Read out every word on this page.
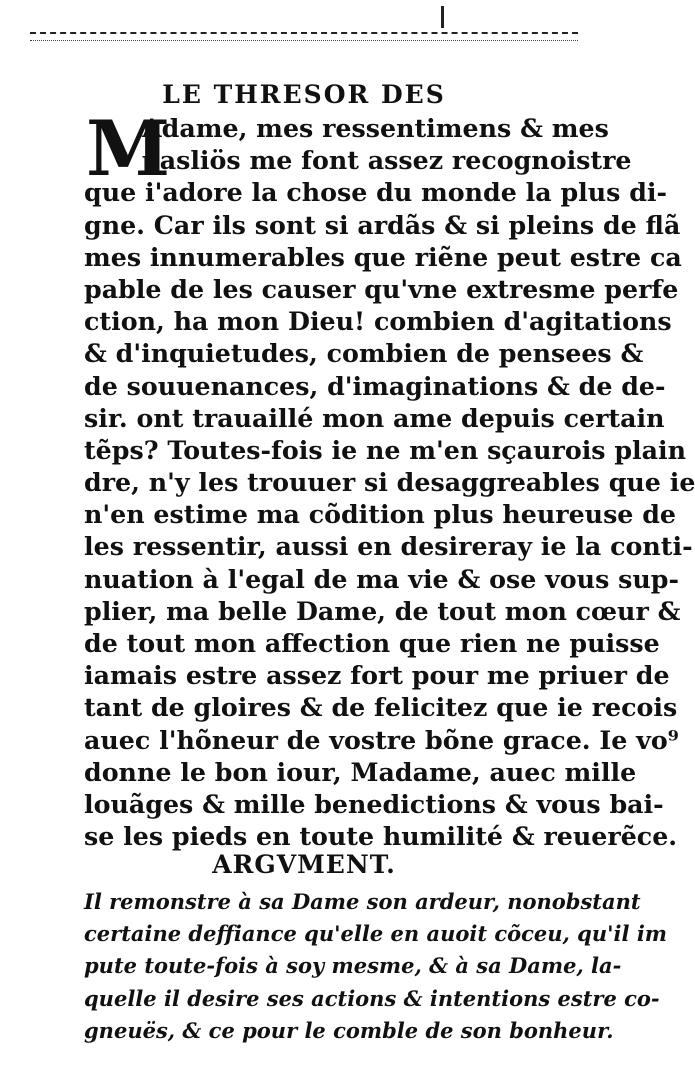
LE THRESOR DES
M
Adame, mes ressentimens & mes
pasliös me font assez recognoistre
que i'adore la chose du monde la plus di-
gne. Car ils sont si ardãs & si pleins de flã
mes innumerables que riẽne peut estre ca
pable de les causer qu'vne extresme perfe
ction, ha mon Dieu! combien d'agitations
& d'inquietudes, combien de pensees &
de souuenances, d'imaginations & de de-
sir. ont trauaillé mon ame depuis certain
tẽps? Toutes-fois ie ne m'en sçaurois plain
dre, n'y les trouuer si desaggreables que ie
n'en estime ma cõdition plus heureuse de
les ressentir, aussi en desireray ie la conti-
nuation à l'egal de ma vie & ose vous sup-
plier, ma belle Dame, de tout mon cœur &
de tout mon affection que rien ne puisse
iamais estre assez fort pour me priuer de
tant de gloires & de felicitez que ie recois
auec l'hõneur de vostre bõne grace. Ie vo⁹
donne le bon iour, Madame, auec mille
louãges & mille benedictions & vous bai-
se les pieds en toute humilité & reuerẽce.
ARGVMENT.
Il remonstre à sa Dame son ardeur, nonobstant
certaine deffiance qu'elle en auoit cõceu, qu'il im
pute toute-fois à soy mesme, & à sa Dame, la-
quelle il desire ses actions & intentions estre co-
gneuës, & ce pour le comble de son bonheur.
